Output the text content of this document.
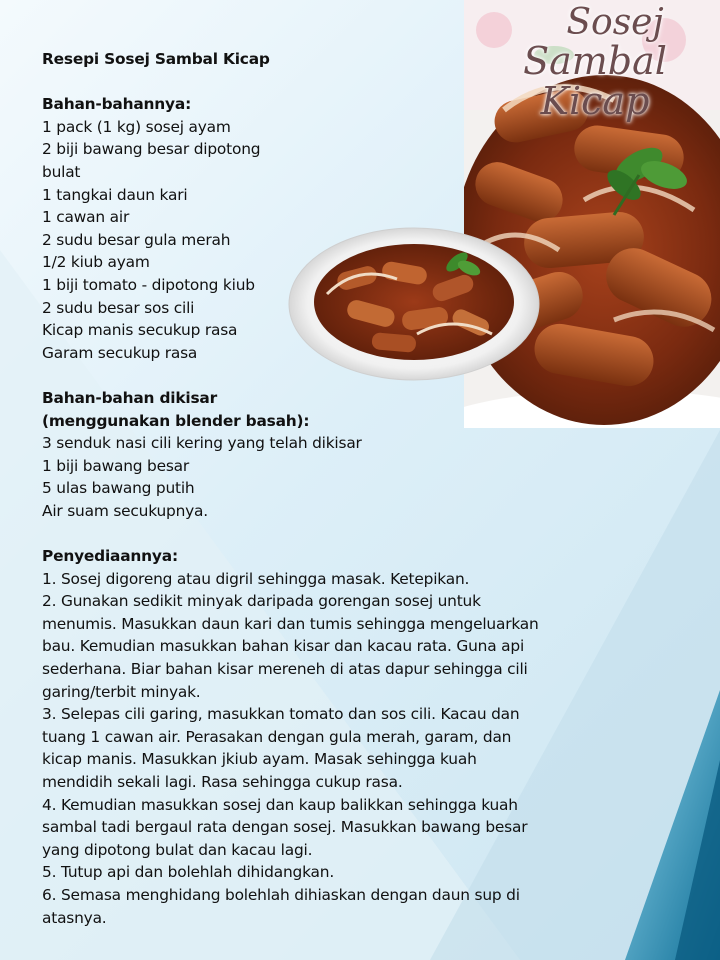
Sosej
Sambal Kicap

Resepi Sosej Sambal Kicap

Bahan-bahannya:

1 pack (1 kg) sosej ayam

2 biji bawang besar dipotong bulat

1 tangkai daun kari

1 cawan air

2 sudu besar gula merah

1/2 kiub ayam

1 biji tomato - dipotong kiub

2 sudu besar sos cili

Kicap manis secukup rasa

Garam secukup rasa

Bahan-bahan dikisar

(menggunakan blender basah):

3 senduk nasi cili kering yang telah dikisar

1 biji bawang besar

5 ulas bawang putih

Air suam secukupnya.

Penyediaannya:

1. Sosej digoreng atau digril sehingga masak. Ketepikan.

2. Gunakan sedikit minyak daripada gorengan sosej untuk

menumis. Masukkan daun kari dan tumis sehingga mengeluarkan

bau. Kemudian masukkan bahan kisar dan kacau rata. Guna api

sederhana. Biar bahan kisar mereneh di atas dapur sehingga cili

garing/terbit minyak.

3. Selepas cili garing, masukkan tomato dan sos cili. Kacau dan

tuang 1 cawan air. Perasakan dengan gula merah, garam, dan

kicap manis. Masukkan jkiub ayam. Masak sehingga kuah

mendidih sekali lagi. Rasa sehingga cukup rasa.

4. Kemudian masukkan sosej dan kaup balikkan sehingga kuah

sambal tadi bergaul rata dengan sosej. Masukkan bawang besar

yang dipotong bulat dan kacau lagi.

5. Tutup api dan bolehlah dihidangkan.

6. Semasa menghidang bolehlah dihiaskan dengan daun sup di

atasnya.
